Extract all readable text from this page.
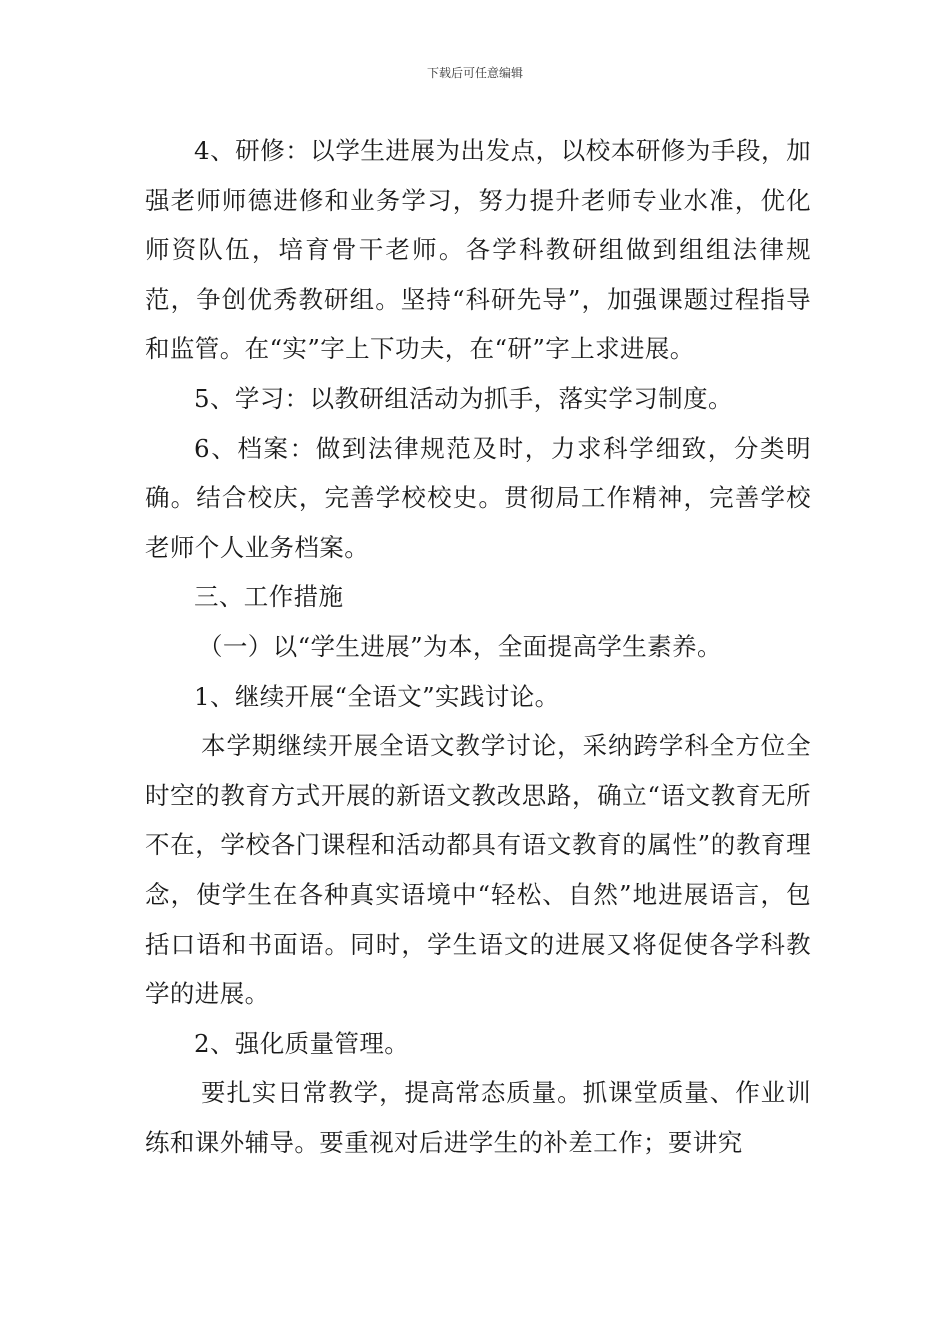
下载后可任意编辑

4、研修：以学生进展为出发点，以校本研修为手段，加强老师师德进修和业务学习，努力提升老师专业水准，优化师资队伍，培育骨干老师。各学科教研组做到组组法律规范，争创优秀教研组。坚持“科研先导”，加强课题过程指导和监管。在“实”字上下功夫，在“研”字上求进展。

5、学习：以教研组活动为抓手，落实学习制度。

6、档案：做到法律规范及时，力求科学细致，分类明确。结合校庆，完善学校校史。贯彻局工作精神，完善学校老师个人业务档案。

三、工作措施

（一）以“学生进展”为本，全面提高学生素养。

1、继续开展“全语文”实践讨论。

本学期继续开展全语文教学讨论，采纳跨学科全方位全时空的教育方式开展的新语文教改思路，确立“语文教育无所不在，学校各门课程和活动都具有语文教育的属性”的教育理念，使学生在各种真实语境中“轻松、自然”地进展语言，包括口语和书面语。同时，学生语文的进展又将促使各学科教学的进展。

2、强化质量管理。

要扎实日常教学，提高常态质量。抓课堂质量、作业训练和课外辅导。要重视对后进学生的补差工作；要讲究
